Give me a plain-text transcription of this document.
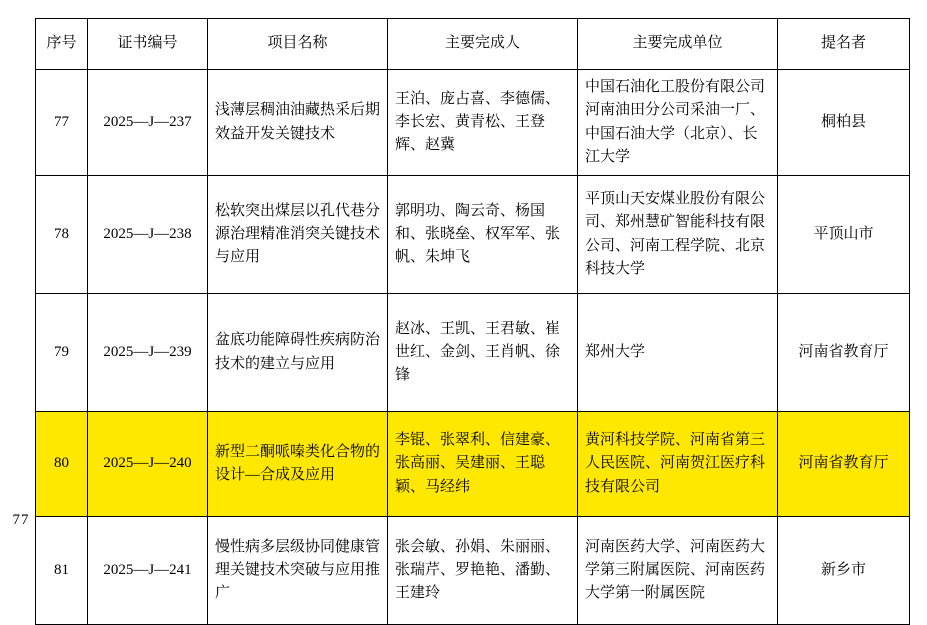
77
序号	证书编号	项目名称	主要完成人	主要完成单位	提名者
77	2025—J—237	浅薄层稠油油藏热采后期效益开发关键技术	王泊、庞占喜、李德儒、李长宏、黄青松、王登辉、赵冀	中国石油化工股份有限公司河南油田分公司采油一厂、中国石油大学（北京）、长江大学	桐柏县
78	2025—J—238	松软突出煤层以孔代巷分源治理精准消突关键技术与应用	郭明功、陶云奇、杨国和、张晓垒、权军军、张帆、朱坤飞	平顶山天安煤业股份有限公司、郑州慧矿智能科技有限公司、河南工程学院、北京科技大学	平顶山市
79	2025—J—239	盆底功能障碍性疾病防治技术的建立与应用	赵冰、王凯、王君敏、崔世红、金剑、王肖帆、徐锋	郑州大学	河南省教育厅
80	2025—J—240	新型二酮哌嗪类化合物的设计—合成及应用	李锟、张翠利、信建豪、张高丽、吴建丽、王聪颖、马经纬	黄河科技学院、河南省第三人民医院、河南贺江医疗科技有限公司	河南省教育厅
81	2025—J—241	慢性病多层级协同健康管理关键技术突破与应用推广	张会敏、孙娟、朱丽丽、张瑞芹、罗艳艳、潘勤、王建玲	河南医药大学、河南医药大学第三附属医院、河南医药大学第一附属医院	新乡市
